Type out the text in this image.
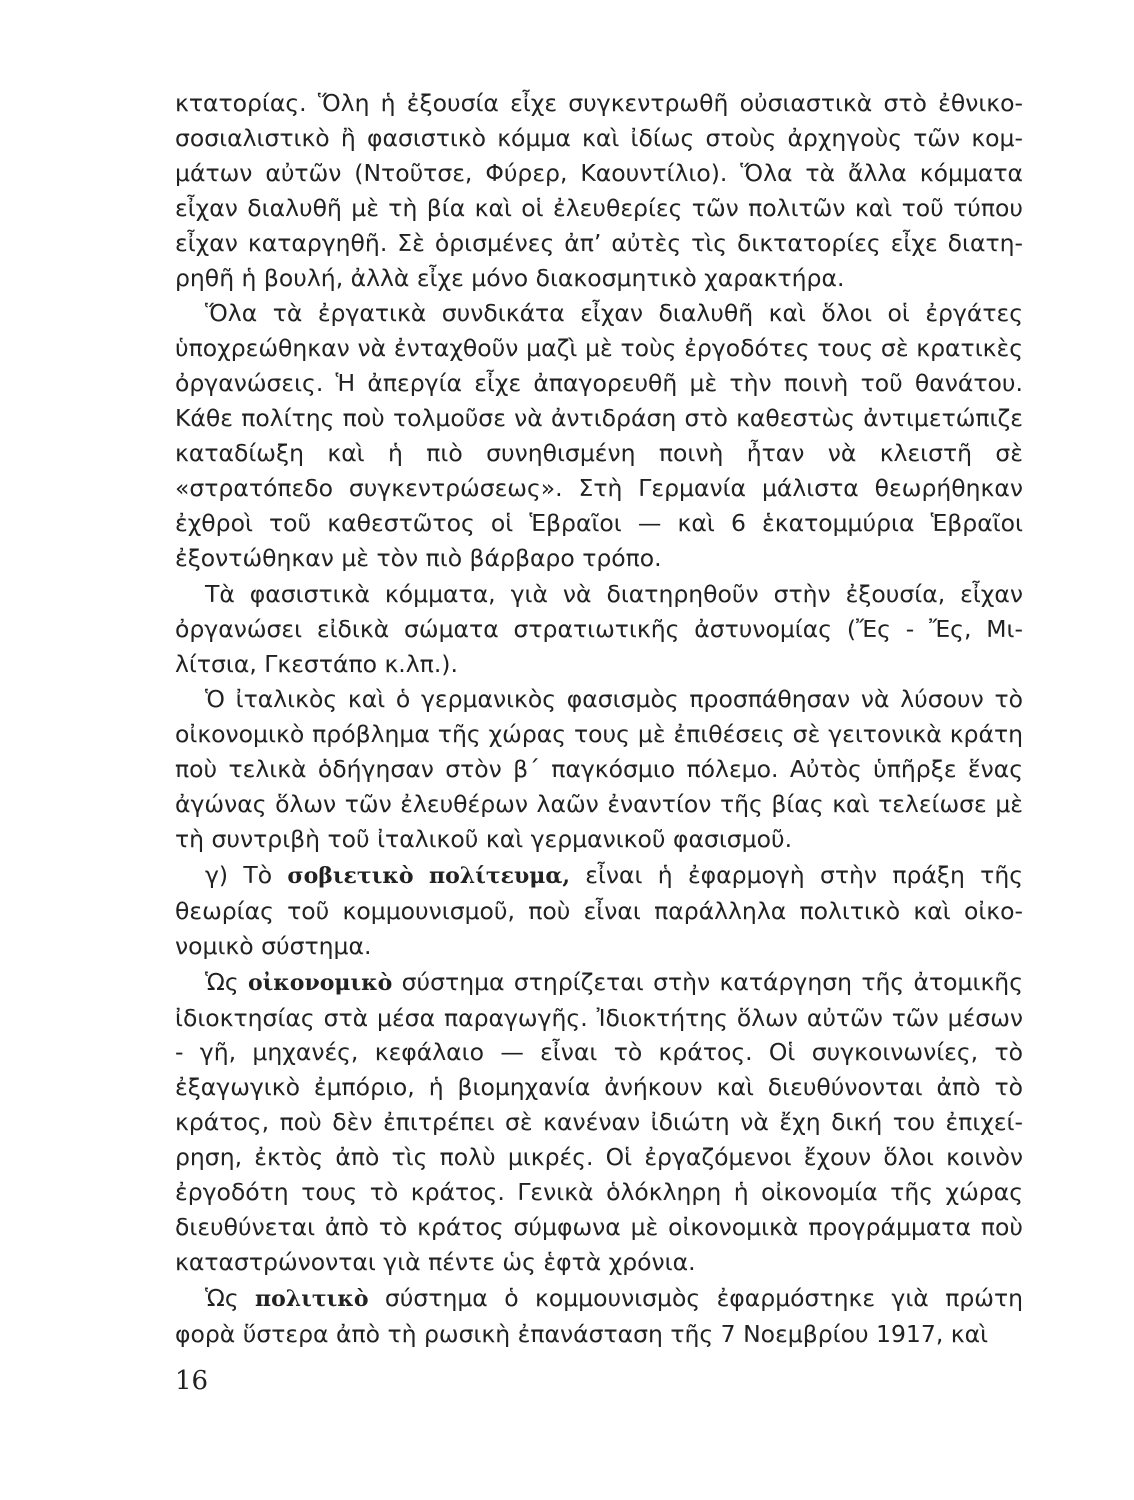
κτατορίας. Ὅλη ἡ ἐξουσία εἶχε συγκεντρωθῆ οὐσιαστικὰ στὸ ἐθνικοσοσιαλιστικὸ ἢ φασιστικὸ κόμμα καὶ ἰδίως στοὺς ἀρχηγοὺς τῶν κομμάτων αὐτῶν (Ντοῦτσε, Φύρερ, Καουντίλιο). Ὅλα τὰ ἄλλα κόμματα εἶχαν διαλυθῆ μὲ τὴ βία καὶ οἱ ἐλευθερίες τῶν πολιτῶν καὶ τοῦ τύπου εἶχαν καταργηθῆ. Σὲ ὁρισμένες ἀπ’ αὐτὲς τὶς δικτατορίες εἶχε διατηρηθῆ ἡ βουλή, ἀλλὰ εἶχε μόνο διακοσμητικὸ χαρακτήρα.

Ὅλα τὰ ἐργατικὰ συνδικάτα εἶχαν διαλυθῆ καὶ ὅλοι οἱ ἐργάτες ὑποχρεώθηκαν νὰ ἐνταχθοῦν μαζὶ μὲ τοὺς ἐργοδότες τους σὲ κρατικὲς ὀργανώσεις. Ἡ ἀπεργία εἶχε ἀπαγορευθῆ μὲ τὴν ποινὴ τοῦ θανάτου. Κάθε πολίτης ποὺ τολμοῦσε νὰ ἀντιδράση στὸ καθεστὼς ἀντιμετώπιζε καταδίωξη καὶ ἡ πιὸ συνηθισμένη ποινὴ ἦταν νὰ κλειστῆ σὲ «στρατόπεδο συγκεντρώσεως». Στὴ Γερμανία μάλιστα θεωρήθηκαν ἐχθροὶ τοῦ καθεστῶτος οἱ Ἑβραῖοι — καὶ 6 ἑκατομμύρια Ἑβραῖοι ἐξοντώθηκαν μὲ τὸν πιὸ βάρβαρο τρόπο.

Τὰ φασιστικὰ κόμματα, γιὰ νὰ διατηρηθοῦν στὴν ἐξουσία, εἶχαν ὀργανώσει εἰδικὰ σώματα στρατιωτικῆς ἀστυνομίας (Ἔς - Ἔς, Μιλίτσια, Γκεστάπο κ.λπ.).

Ὁ ἰταλικὸς καὶ ὁ γερμανικὸς φασισμὸς προσπάθησαν νὰ λύσουν τὸ οἰκονομικὸ πρόβλημα τῆς χώρας τους μὲ ἐπιθέσεις σὲ γειτονικὰ κράτη ποὺ τελικὰ ὁδήγησαν στὸν β΄ παγκόσμιο πόλεμο. Αὐτὸς ὑπῆρξε ἕνας ἀγώνας ὅλων τῶν ἐλευθέρων λαῶν ἐναντίον τῆς βίας καὶ τελείωσε μὲ τὴ συντριβὴ τοῦ ἰταλικοῦ καὶ γερμανικοῦ φασισμοῦ.

γ) Τὸ σοβιετικὸ πολίτευμα, εἶναι ἡ ἐφαρμογὴ στὴν πράξη τῆς θεωρίας τοῦ κομμουνισμοῦ, ποὺ εἶναι παράλληλα πολιτικὸ καὶ οἰκονομικὸ σύστημα.

Ὡς οἰκονομικὸ σύστημα στηρίζεται στὴν κατάργηση τῆς ἀτομικῆς ἰδιοκτησίας στὰ μέσα παραγωγῆς. Ἰδιοκτήτης ὅλων αὐτῶν τῶν μέσων - γῆ, μηχανές, κεφάλαιο — εἶναι τὸ κράτος. Οἱ συγκοινωνίες, τὸ ἐξαγωγικὸ ἐμπόριο, ἡ βιομηχανία ἀνήκουν καὶ διευθύνονται ἀπὸ τὸ κράτος, ποὺ δὲν ἐπιτρέπει σὲ κανέναν ἰδιώτη νὰ ἔχη δική του ἐπιχείρηση, ἐκτὸς ἀπὸ τὶς πολὺ μικρές. Οἱ ἐργαζόμενοι ἔχουν ὅλοι κοινὸν ἐργοδότη τους τὸ κράτος. Γενικὰ ὁλόκληρη ἡ οἰκονομία τῆς χώρας διευθύνεται ἀπὸ τὸ κράτος σύμφωνα μὲ οἰκονομικὰ προγράμματα ποὺ καταστρώνονται γιὰ πέντε ὡς ἑφτὰ χρόνια.

Ὡς πολιτικὸ σύστημα ὁ κομμουνισμὸς ἐφαρμόστηκε γιὰ πρώτη φορὰ ὕστερα ἀπὸ τὴ ρωσικὴ ἐπανάσταση τῆς 7 Νοεμβρίου 1917, καὶ

16
